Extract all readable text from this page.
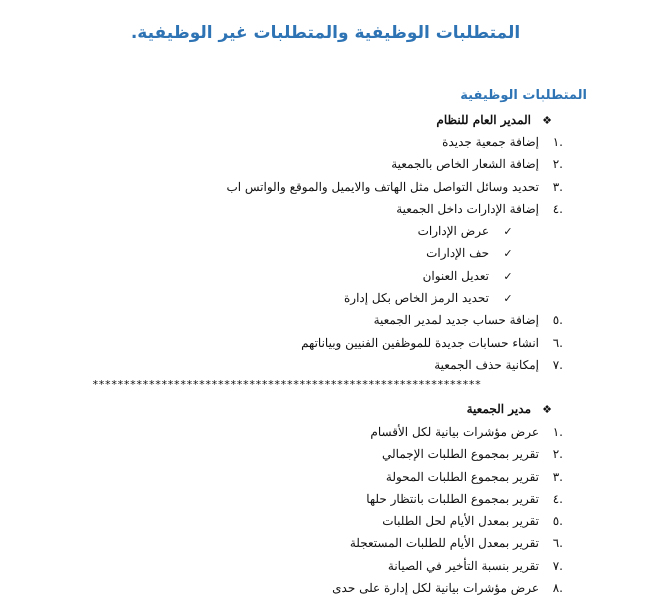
المتطلبات الوظيفية والمتطلبات غير الوظيفية.
المتطلبات الوظيفية
❖المدير العام للنظام
.١إضافة جمعية جديدة
.٢إضافة الشعار الخاص بالجمعية
.٣تحديد وسائل التواصل مثل الهاتف والايميل والموقع والواتس اب
.٤إضافة الإدارات داخل الجمعية
✓عرض الإدارات
✓حف الإدارات
✓تعديل العنوان
✓تحديد الرمز الخاص بكل إدارة
.٥إضافة حساب جديد لمدير الجمعية
.٦انشاء حسابات جديدة للموظفين الفنيين وبياناتهم
.٧إمكانية حذف الجمعية
**************************************************************
❖مدير الجمعية
.١عرض مؤشرات بيانية لكل الأقسام
.٢تقرير بمجموع الطلبات الإجمالي
.٣تقرير بمجموع الطلبات المحولة
.٤تقرير بمجموع الطلبات بانتظار حلها
.٥تقرير بمعدل الأيام لحل الطلبات
.٦تقرير بمعدل الأيام للطلبات المستعجلة
.٧تقرير بنسبة التأخير في الصيانة
.٨عرض مؤشرات بيانية لكل إدارة على حدى
